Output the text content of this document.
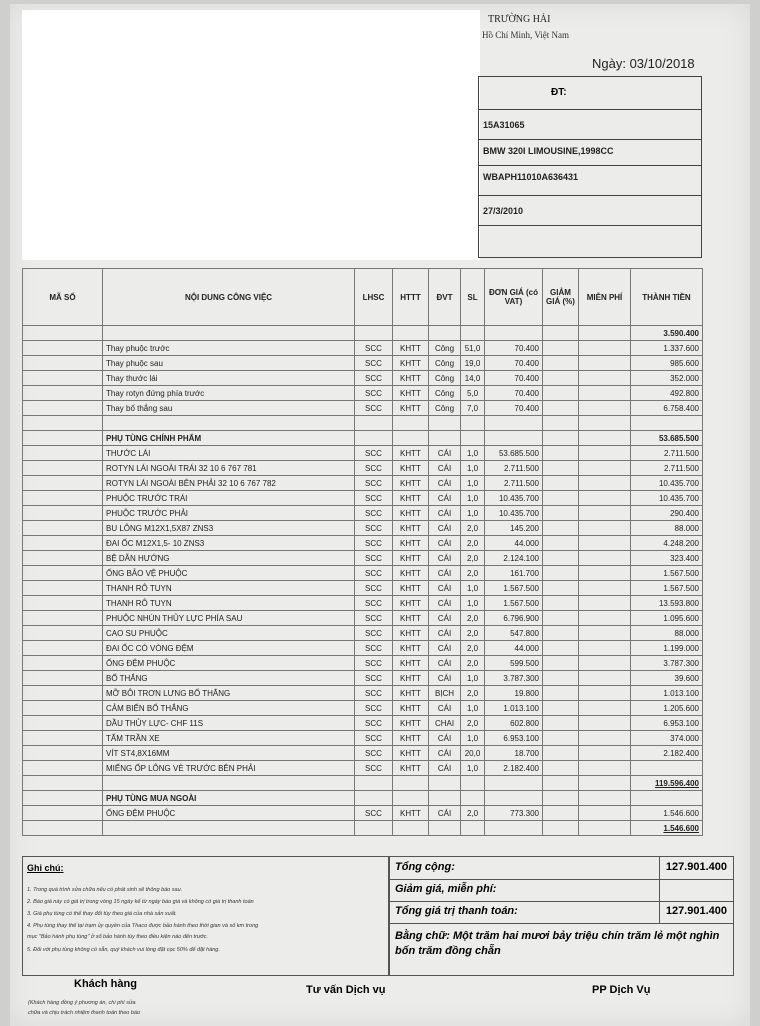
TRƯỜNG HẢI
Hồ Chí Minh, Việt Nam
Ngày: 03/10/2018
ĐT:
15A31065
BMW 320I LIMOUSINE,1998CC
WBAPH11010A636431
27/3/2010
MÃ SỐ	NỘI DUNG CÔNG VIỆC	LHSC	HTTT	ĐVT	SL	ĐƠN GIÁ (có VAT)	GIẢM GIÁ (%)	MIỄN PHÍ	THÀNH TIỀN
									3.590.400
	Thay phuộc trước	SCC	KHTT	Công	51,0	70.400			1.337.600
	Thay phuộc sau	SCC	KHTT	Công	19,0	70.400			985.600
	Thay thước lái	SCC	KHTT	Công	14,0	70.400			352.000
	Thay rotyn đứng phía trước	SCC	KHTT	Công	5,0	70.400			492.800
	Thay bố thắng sau	SCC	KHTT	Công	7,0	70.400			6.758.400

	PHỤ TÙNG CHÍNH PHẨM								53.685.500
	THƯỚC LÁI	SCC	KHTT	CÁI	1,0	53.685.500			2.711.500
	ROTYN LÁI NGOÀI TRÁI 32 10 6 767 781	SCC	KHTT	CÁI	1,0	2.711.500			2.711.500
	ROTYN LÁI NGOÀI BÊN PHẢI 32 10 6 767 782	SCC	KHTT	CÁI	1,0	2.711.500			10.435.700
	PHUỘC TRƯỚC TRÁI	SCC	KHTT	CÁI	1,0	10.435.700			10.435.700
	PHUỘC TRƯỚC PHẢI	SCC	KHTT	CÁI	1,0	10.435.700			290.400
	BU LÔNG M12X1,5X87 ZNS3	SCC	KHTT	CÁI	2,0	145.200			88.000
	ĐAI ỐC M12X1,5- 10 ZNS3	SCC	KHTT	CÁI	2,0	44.000			4.248.200
	BỆ DẪN HƯỚNG	SCC	KHTT	CÁI	2,0	2.124.100			323.400
	ỐNG BẢO VỆ PHUỘC	SCC	KHTT	CÁI	2,0	161.700			1.567.500
	THANH RÔ TUYN	SCC	KHTT	CÁI	1,0	1.567.500			1.567.500
	THANH RÔ TUYN	SCC	KHTT	CÁI	1,0	1.567.500			13.593.800
	PHUỘC NHÚN THỦY LỰC PHÍA SAU	SCC	KHTT	CÁI	2,0	6.796.900			1.095.600
	CAO SU PHUỘC	SCC	KHTT	CÁI	2,0	547.800			88.000
	ĐAI ỐC CÓ VÒNG ĐỆM	SCC	KHTT	CÁI	2,0	44.000			1.199.000
	ỐNG ĐỆM PHUỘC	SCC	KHTT	CÁI	2,0	599.500			3.787.300
	BỐ THẮNG	SCC	KHTT	CÁI	1,0	3.787.300			39.600
	MỠ BÔI TRƠN LƯNG BỐ THẮNG	SCC	KHTT	BỊCH	2,0	19.800			1.013.100
	CẢM BIẾN BỐ THẮNG	SCC	KHTT	CÁI	1,0	1.013.100			1.205.600
	DẦU THỦY LỰC- CHF 11S	SCC	KHTT	CHAI	2,0	602.800			6.953.100
	TẤM TRẦN XE	SCC	KHTT	CÁI	1,0	6.953.100			374.000
	VÍT ST4,8X16MM	SCC	KHTT	CÁI	20,0	18.700			2.182.400
	MIẾNG ỐP LÔNG VÈ TRƯỚC BÊN PHẢI	SCC	KHTT	CÁI	1,0	2.182.400			
									119.596.400
	PHỤ TÙNG MUA NGOÀI								
	ỐNG ĐỆM PHUỘC	SCC	KHTT	CÁI	2,0	773.300			1.546.600
									1.546.600
Ghi chú:
1. Trong quá trình sửa chữa nếu có phát sinh sẽ thông báo sau.
2. Báo giá này có giá trị trong vòng 15 ngày kể từ ngày báo giá và không có giá trị thanh toán
3. Giá phụ tùng có thể thay đổi tùy theo giá của nhà sản xuất.
4. Phụ tùng thay thế tại trạm ủy quyền của Thaco được bảo hành theo thời gian và số km trong
mục "Bảo hành phụ tùng" ở sổ bảo hành tùy theo điều kiện nào đến trước.
5. Đối với phụ tùng không có sẵn, quý khách vui lòng đặt cọc 50% để đặt hàng.
Tổng cộng:	127.901.400
Giảm giá, miễn phí:
Tổng giá trị thanh toán:	127.901.400
Bằng chữ: Một trăm hai mươi bảy triệu chín trăm lẻ một nghìn bốn trăm đồng chẵn
Khách hàng
(Khách hàng đồng ý phương án, chi phí sửa
chữa và chịu trách nhiệm thanh toán theo báo
Tư vấn Dịch vụ	PP Dịch Vụ
